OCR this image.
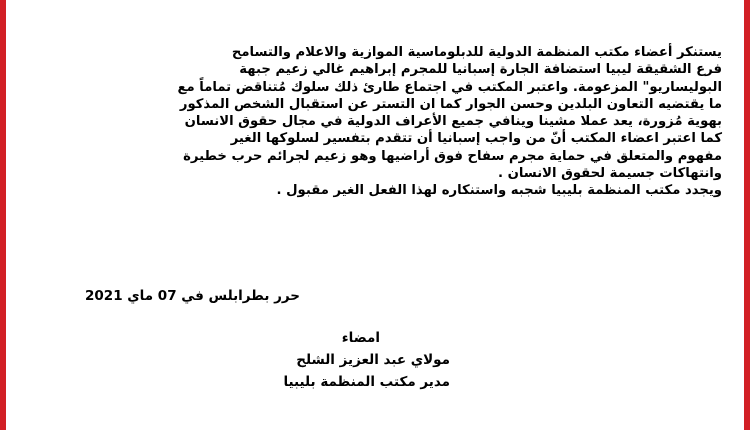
يستنكر أعضاء مكتب المنظمة الدولية للدبلوماسية الموازية والاعلام والتسامح
فرع الشقيقة ليبيا استضافة الجارة إسبانيا للمجرم إبراهيم غالي زعيم جبهة
البوليساريو" المزعومة. واعتبر المكتب في اجتماع طارئ ذلك سلوك مُتناقض تماماً مع
ما يقتضيه التعاون البلدين وحسن الجوار كما ان التستر عن استقبال الشخص المذكور
بهوية مُزورة، يعد عملا مشينا وينافي جميع الأعراف الدولية في مجال حقوق الانسان
كما اعتبر اعضاء المكتب أنّ من واجب إسبانيا أن تتقدم بتفسير لسلوكها الغير
مفهوم والمتعلق في حماية مجرم سفاح فوق أراضيها وهو زعيم لجرائم حرب خطيرة
وانتهاكات جسيمة لحقوق الانسان .
ويجدد مكتب المنظمة بليبيا شجبه واستنكاره لهذا الفعل الغير مقبول .
حرر بطرابلس في 07 ماي 2021
امضاء
مولاي عبد العزيز الشلح
مدير مكتب المنظمة بليبيا
